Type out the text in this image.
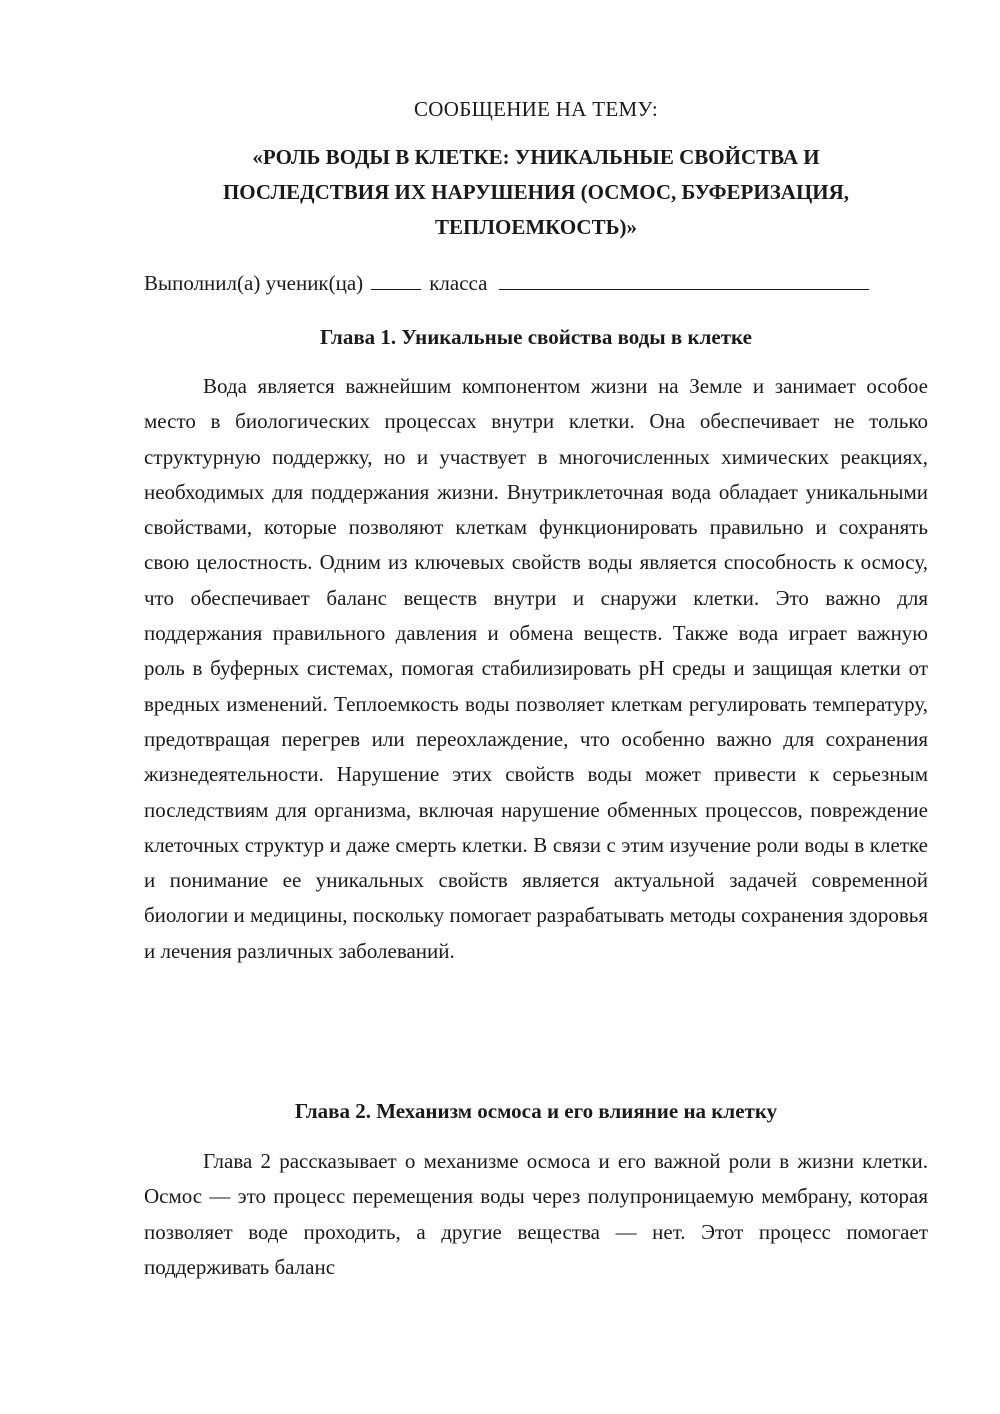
СООБЩЕНИЕ НА ТЕМУ:
«РОЛЬ ВОДЫ В КЛЕТКЕ: УНИКАЛЬНЫЕ СВОЙСТВА И
ПОСЛЕДСТВИЯ ИХ НАРУШЕНИЯ (ОСМОС, БУФЕРИЗАЦИЯ,
ТЕПЛОЕМКОСТЬ)»
Выполнил(а) ученик(ца)	класса
Глава 1. Уникальные свойства воды в клетке

Вода является важнейшим компонентом жизни на Земле и занимает особое место в биологических процессах внутри клетки. Она обеспечивает не только структурную поддержку, но и участвует в многочисленных химических реакциях, необходимых для поддержания жизни. Внутриклеточная вода обладает уникальными свойствами, которые позволяют клеткам функционировать правильно и сохранять свою целостность. Одним из ключевых свойств воды является способность к осмосу, что обеспечивает баланс веществ внутри и снаружи клетки. Это важно для поддержания правильного давления и обмена веществ. Также вода играет важную роль в буферных системах, помогая стабилизировать pH среды и защищая клетки от вредных изменений. Теплоемкость воды позволяет клеткам регулировать температуру, предотвращая перегрев или переохлаждение, что особенно важно для сохранения жизнедеятельности. Нарушение этих свойств воды может привести к серьезным последствиям для организма, включая нарушение обменных процессов, повреждение клеточных структур и даже смерть клетки. В связи с этим изучение роли воды в клетке и понимание ее уникальных свойств является актуальной задачей современной биологии и медицины, поскольку помогает разрабатывать методы сохранения здоровья и лечения различных заболеваний.

Глава 2. Механизм осмоса и его влияние на клетку

Глава 2 рассказывает о механизме осмоса и его важной роли в жизни клетки. Осмос — это процесс перемещения воды через полупроницаемую мембрану, которая позволяет воде проходить, а другие вещества — нет. Этот процесс помогает поддерживать баланс
